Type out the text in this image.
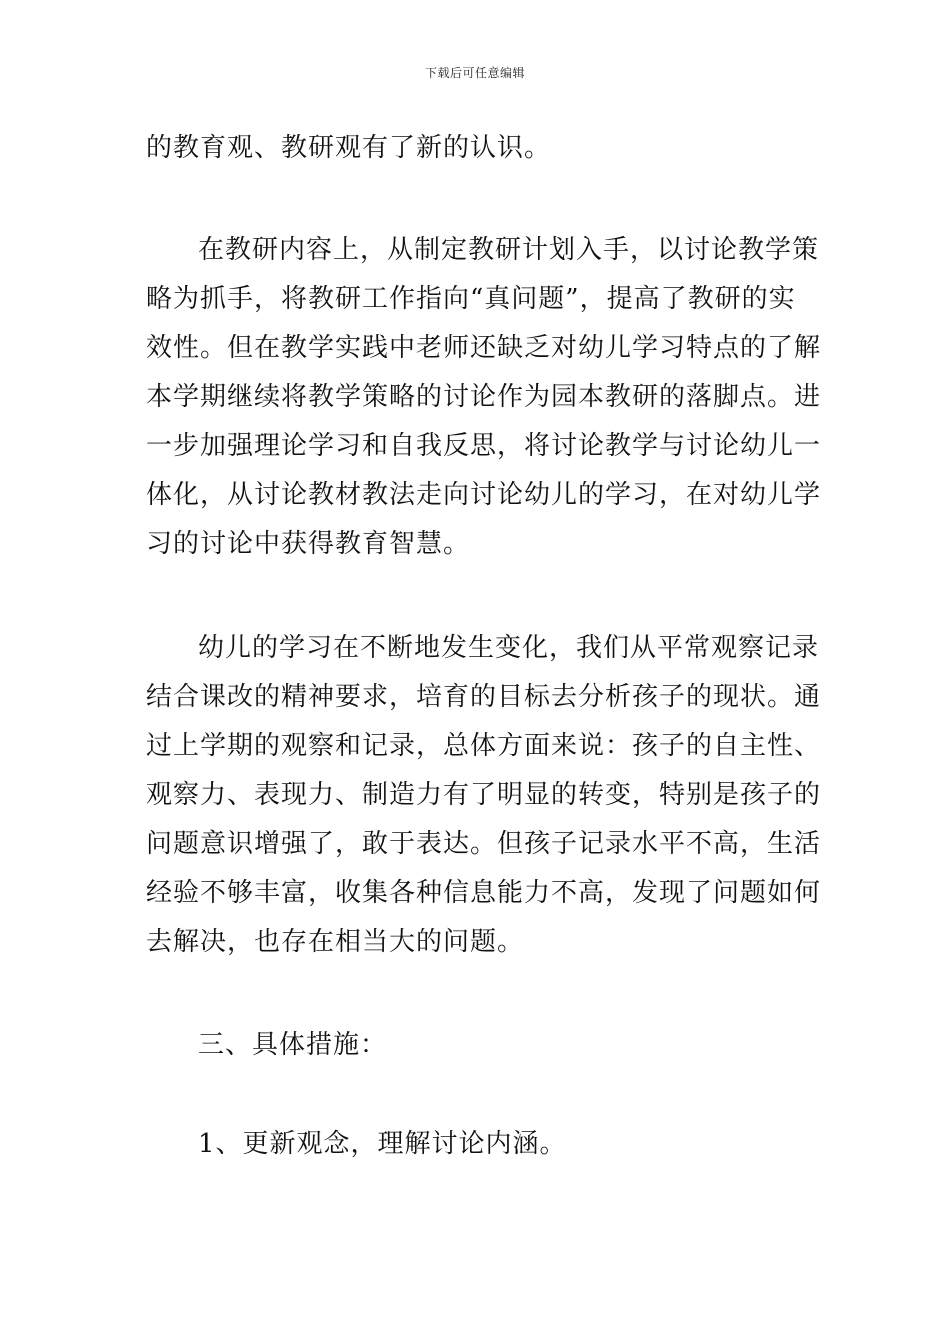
下载后可任意编辑
的教育观、教研观有了新的认识。
在教研内容上，从制定教研计划入手，以讨论教学策
略为抓手，将教研工作指向“真问题”，提高了教研的实
效性。但在教学实践中老师还缺乏对幼儿学习特点的了解
本学期继续将教学策略的讨论作为园本教研的落脚点。进
一步加强理论学习和自我反思，将讨论教学与讨论幼儿一
体化，从讨论教材教法走向讨论幼儿的学习，在对幼儿学
习的讨论中获得教育智慧。
幼儿的学习在不断地发生变化，我们从平常观察记录
结合课改的精神要求，培育的目标去分析孩子的现状。通
过上学期的观察和记录，总体方面来说：孩子的自主性、
观察力、表现力、制造力有了明显的转变，特别是孩子的
问题意识增强了，敢于表达。但孩子记录水平不高，生活
经验不够丰富，收集各种信息能力不高，发现了问题如何
去解决，也存在相当大的问题。
三、具体措施：
1、更新观念，理解讨论内涵。
